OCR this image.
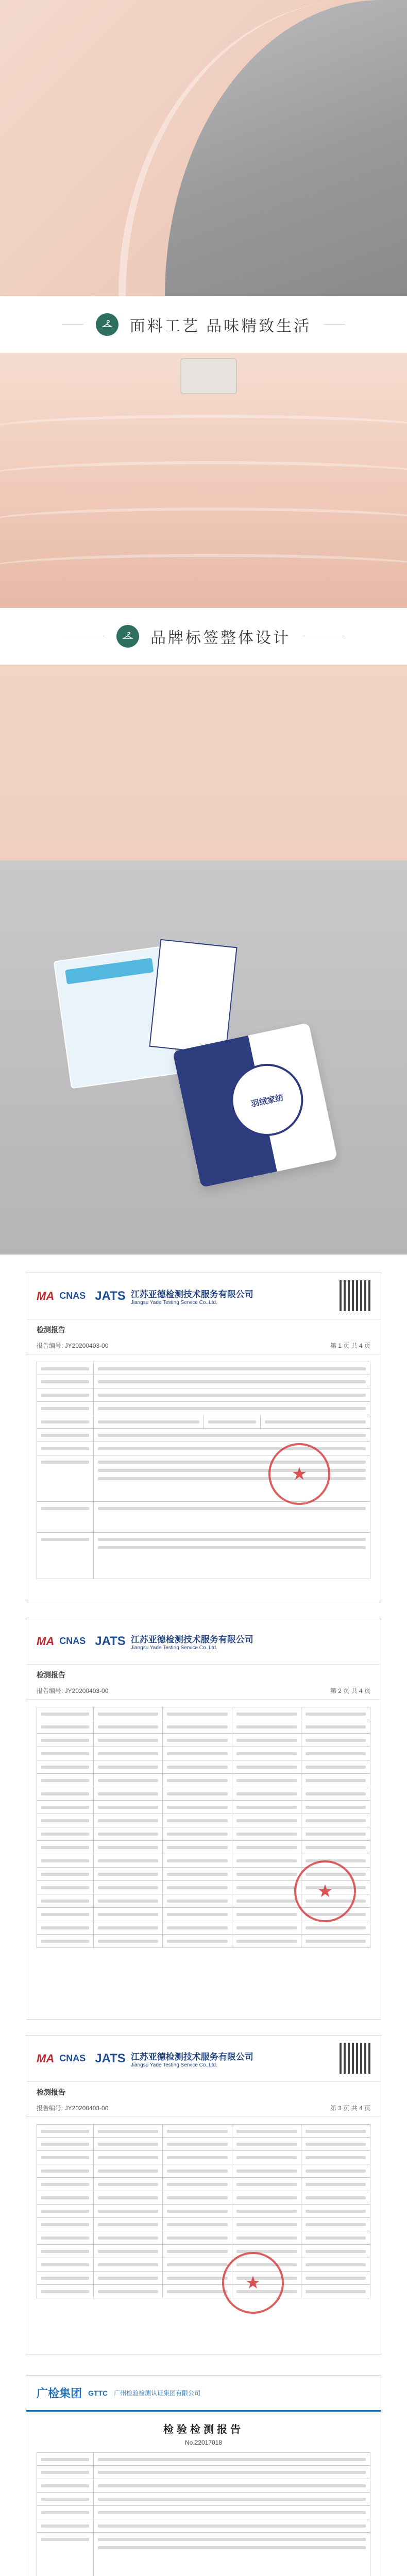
面料工艺 品味精致生活
品牌标签整体设计
羽绒家纺
MA CNAS JATS 江苏亚德检测技术服务有限公司
Jiangsu Yade Testing Service Co.,Ltd.
检测报告
报告编号: JY20200403-00	第 1 页 共 4 页
★
MA CNAS JATS 江苏亚德检测技术服务有限公司
Jiangsu Yade Testing Service Co.,Ltd.
检测报告
报告编号: JY20200403-00	第 2 页 共 4 页
★
MA CNAS JATS 江苏亚德检测技术服务有限公司
Jiangsu Yade Testing Service Co.,Ltd.
检测报告
报告编号: JY20200403-00	第 3 页 共 4 页
★
广检集团 GTTC 广州检验检测认证集团有限公司
检验检测报告
No.22017018
